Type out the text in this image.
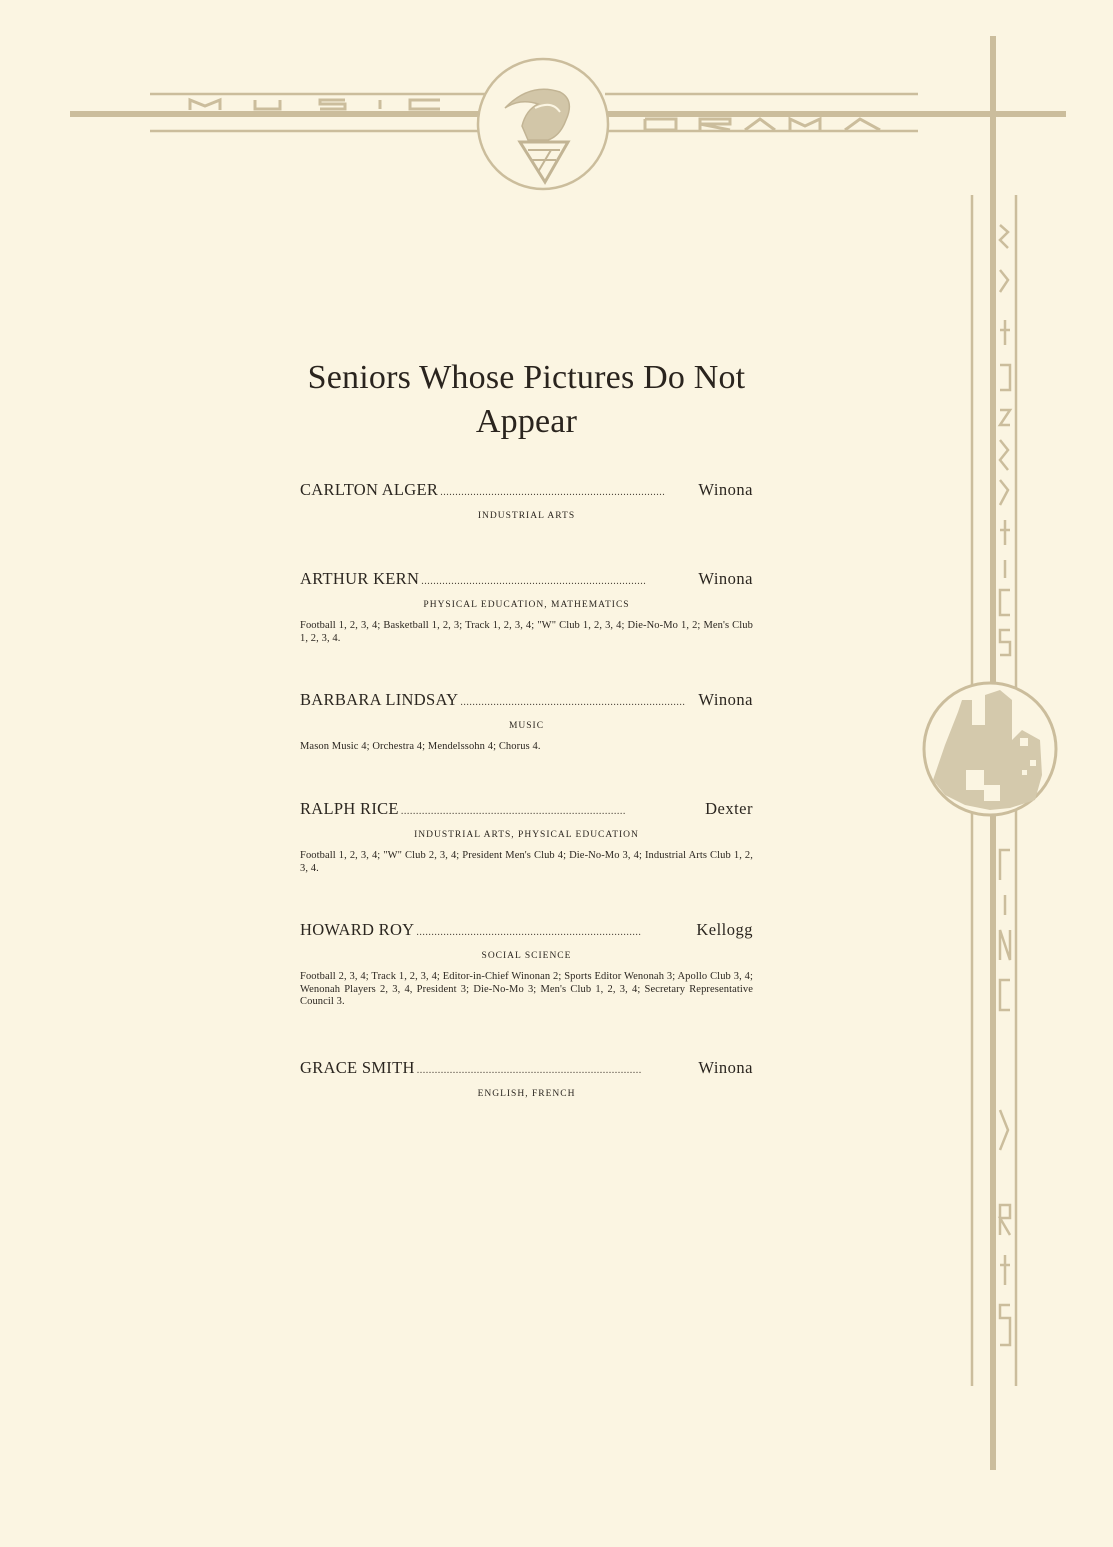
Seniors Whose Pictures Do Not Appear
CARLTON ALGER . . .	Winona
INDUSTRIAL ARTS
ARTHUR KERN . . .	Winona
PHYSICAL EDUCATION, MATHEMATICS
Football 1, 2, 3, 4; Basketball 1, 2, 3; Track 1, 2, 3, 4; "W" Club 1, 2, 3, 4; Die-No-Mo 1, 2; Men's Club 1, 2, 3, 4.
BARBARA LINDSAY . . .	Winona
MUSIC
Mason Music 4; Orchestra 4; Mendelssohn 4; Chorus 4.
RALPH RICE . . .	Dexter
INDUSTRIAL ARTS, PHYSICAL EDUCATION
Football 1, 2, 3, 4; "W" Club 2, 3, 4; President Men's Club 4; Die-No-Mo 3, 4; Industrial Arts Club 1, 2, 3, 4.
HOWARD ROY . . .	Kellogg
SOCIAL SCIENCE
Football 2, 3, 4; Track 1, 2, 3, 4; Editor-in-Chief Winonan 2; Sports Editor Wenonah 3; Apollo Club 3, 4; Wenonah Players 2, 3, 4, President 3; Die-No-Mo 3; Men's Club 1, 2, 3, 4; Secretary Representative Council 3.
GRACE SMITH . . .	Winona
ENGLISH, FRENCH
